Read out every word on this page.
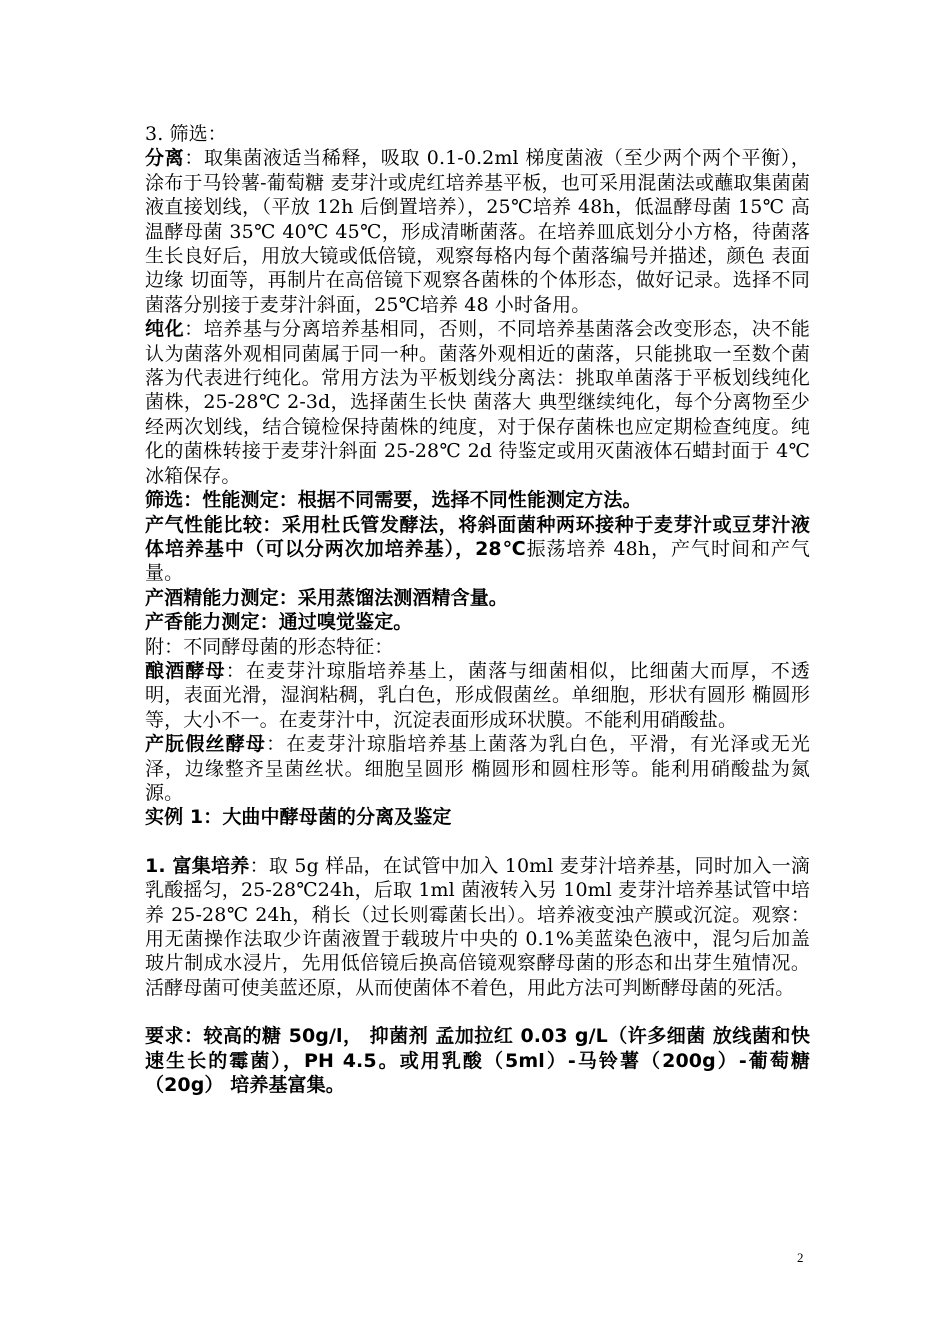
3. 筛选：

分离：取集菌液适当稀释，吸取 0.1-0.2ml 梯度菌液（至少两个两个平衡），涂布于马铃薯-葡萄糖 麦芽汁或虎红培养基平板，也可采用混菌法或蘸取集菌菌液直接划线，（平放 12h 后倒置培养），25℃培养 48h，低温酵母菌 15℃ 高温酵母菌 35℃ 40℃ 45℃，形成清晰菌落。在培养皿底划分小方格，待菌落生长良好后，用放大镜或低倍镜，观察每格内每个菌落编号并描述，颜色 表面 边缘 切面等，再制片在高倍镜下观察各菌株的个体形态，做好记录。选择不同菌落分别接于麦芽汁斜面，25℃培养 48 小时备用。

纯化：培养基与分离培养基相同，否则，不同培养基菌落会改变形态，决不能认为菌落外观相同菌属于同一种。菌落外观相近的菌落，只能挑取一至数个菌落为代表进行纯化。常用方法为平板划线分离法：挑取单菌落于平板划线纯化菌株，25-28℃ 2-3d，选择菌生长快 菌落大 典型继续纯化，每个分离物至少经两次划线，结合镜检保持菌株的纯度，对于保存菌株也应定期检查纯度。纯化的菌株转接于麦芽汁斜面 25-28℃ 2d 待鉴定或用灭菌液体石蜡封面于 4℃冰箱保存。

筛选：性能测定：根据不同需要，选择不同性能测定方法。

产气性能比较：采用杜氏管发酵法，将斜面菌种两环接种于麦芽汁或豆芽汁液体培养基中（可以分两次加培养基），28℃振荡培养 48h，产气时间和产气量。

产酒精能力测定：采用蒸馏法测酒精含量。

产香能力测定：通过嗅觉鉴定。

附：不同酵母菌的形态特征：

酿酒酵母：在麦芽汁琼脂培养基上，菌落与细菌相似，比细菌大而厚，不透明，表面光滑，湿润粘稠，乳白色，形成假菌丝。单细胞，形状有圆形 椭圆形等，大小不一。在麦芽汁中，沉淀表面形成环状膜。不能利用硝酸盐。

产朊假丝酵母：在麦芽汁琼脂培养基上菌落为乳白色，平滑，有光泽或无光泽，边缘整齐呈菌丝状。细胞呈圆形 椭圆形和圆柱形等。能利用硝酸盐为氮源。

实例 1：大曲中酵母菌的分离及鉴定

1. 富集培养：取 5g 样品，在试管中加入 10ml 麦芽汁培养基，同时加入一滴乳酸摇匀，25-28℃24h，后取 1ml 菌液转入另 10ml 麦芽汁培养基试管中培养 25-28℃ 24h，稍长（过长则霉菌长出）。培养液变浊产膜或沉淀。观察：用无菌操作法取少许菌液置于载玻片中央的 0.1%美蓝染色液中，混匀后加盖玻片制成水浸片，先用低倍镜后换高倍镜观察酵母菌的形态和出芽生殖情况。活酵母菌可使美蓝还原，从而使菌体不着色，用此方法可判断酵母菌的死活。

要求：较高的糖 50g/l， 抑菌剂 孟加拉红 0.03 g/L（许多细菌 放线菌和快速生长的霉菌），PH 4.5。或用乳酸（5ml）-马铃薯（200g）-葡萄糖 （20g） 培养基富集。

2
